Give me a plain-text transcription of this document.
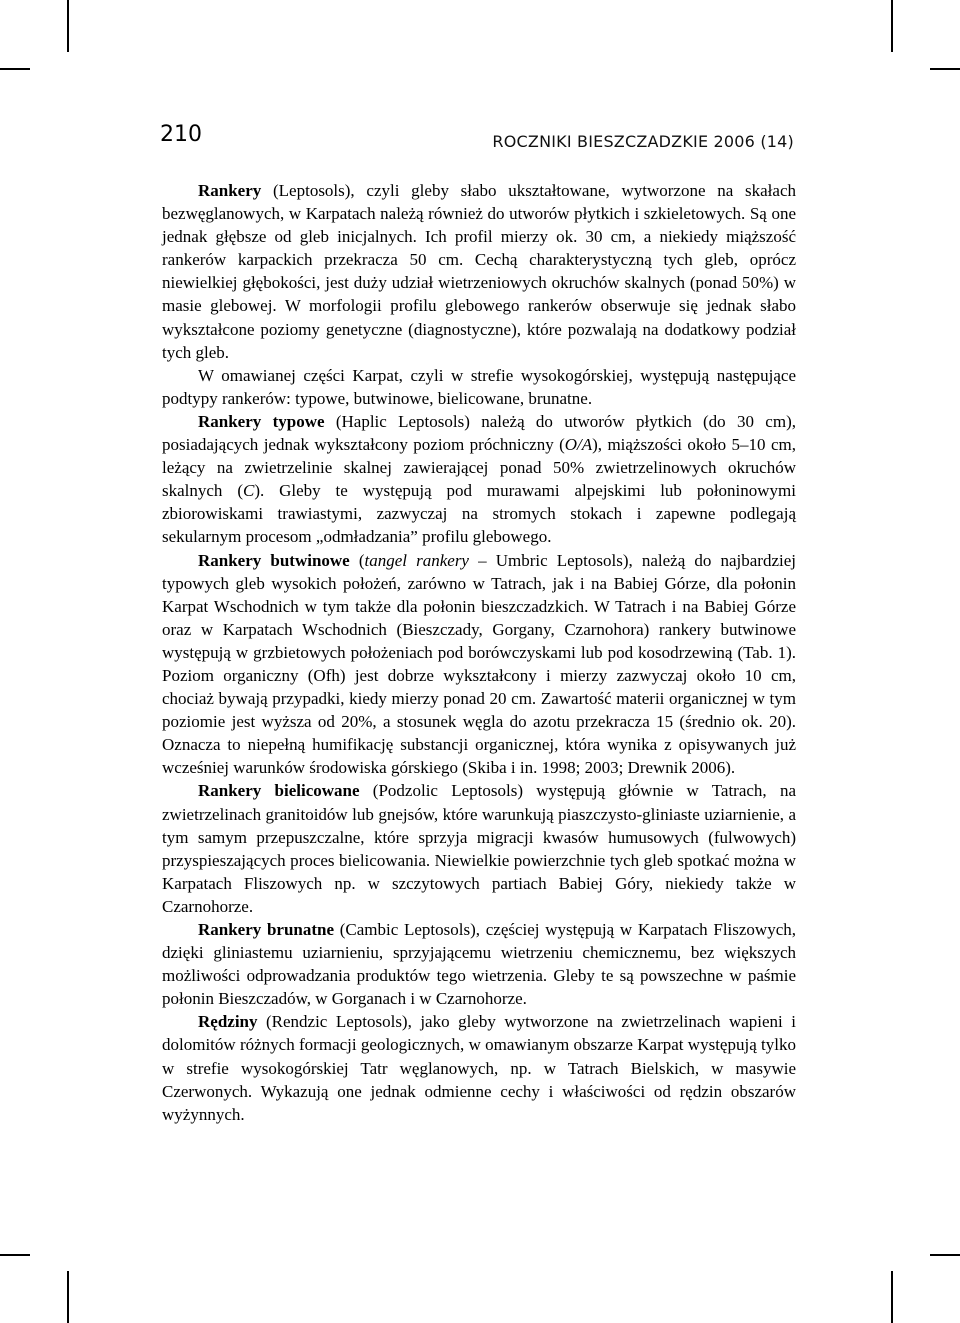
210	ROCZNIKI BIESZCZADZKIE 2006 (14)

Rankery (Leptosols), czyli gleby słabo ukształtowane, wytworzone na skałach bezwęglanowych, w Karpatach należą również do utworów płytkich i szkieletowych. Są one jednak głębsze od gleb inicjalnych. Ich profil mierzy ok. 30 cm, a niekiedy miąższość rankerów karpackich przekracza 50 cm. Cechą charakterystyczną tych gleb, oprócz niewielkiej głębokości, jest duży udział wietrzeniowych okruchów skalnych (ponad 50%) w masie glebowej. W morfologii profilu glebowego rankerów obserwuje się jednak słabo wykształcone poziomy genetyczne (diagnostyczne), które pozwalają na dodatkowy podział tych gleb.

W omawianej części Karpat, czyli w strefie wysokogórskiej, występują następujące podtypy rankerów: typowe, butwinowe, bielicowane, brunatne.

Rankery typowe (Haplic Leptosols) należą do utworów płytkich (do 30 cm), posiadających jednak wykształcony poziom próchniczny (O/A), miąższości około 5–10 cm, leżący na zwietrzelinie skalnej zawierającej ponad 50% zwietrzelinowych okruchów skalnych (C). Gleby te występują pod murawami alpejskimi lub połoninowymi zbiorowiskami trawiastymi, zazwyczaj na stromych stokach i zapewne podlegają sekularnym procesom „odmładzania” profilu glebowego.

Rankery butwinowe (tangel rankery – Umbric Leptosols), należą do najbardziej typowych gleb wysokich położeń, zarówno w Tatrach, jak i na Babiej Górze, dla połonin Karpat Wschodnich w tym także dla połonin bieszczadzkich. W Tatrach i na Babiej Górze oraz w Karpatach Wschodnich (Bieszczady, Gorgany, Czarnohora) rankery butwinowe występują w grzbietowych położeniach pod borówczyskami lub pod kosodrzewiną (Tab. 1). Poziom organiczny (Ofh) jest dobrze wykształcony i mierzy zazwyczaj około 10 cm, chociaż bywają przypadki, kiedy mierzy ponad 20 cm. Zawartość materii organicznej w tym poziomie jest wyższa od 20%, a stosunek węgla do azotu przekracza 15 (średnio ok. 20). Oznacza to niepełną humifikację substancji organicznej, która wynika z opisywanych już wcześniej warunków środowiska górskiego (Skiba i in. 1998; 2003; Drewnik 2006).

Rankery bielicowane (Podzolic Leptosols) występują głównie w Tatrach, na zwietrzelinach granitoidów lub gnejsów, które warunkują piaszczysto-gliniaste uziarnienie, a tym samym przepuszczalne, które sprzyja migracji kwasów humusowych (fulwowych) przyspieszających proces bielicowania. Niewielkie powierzchnie tych gleb spotkać można w Karpatach Fliszowych np. w szczytowych partiach Babiej Góry, niekiedy także w Czarnohorze.

Rankery brunatne (Cambic Leptosols), częściej występują w Karpatach Fliszowych, dzięki gliniastemu uziarnieniu, sprzyjającemu wietrzeniu chemicznemu, bez większych możliwości odprowadzania produktów tego wietrzenia. Gleby te są powszechne w paśmie połonin Bieszczadów, w Gorganach i w Czarnohorze.

Rędziny (Rendzic Leptosols), jako gleby wytworzone na zwietrzelinach wapieni i dolomitów różnych formacji geologicznych, w omawianym obszarze Karpat występują tylko w strefie wysokogórskiej Tatr węglanowych, np. w Tatrach Bielskich, w masywie Czerwonych. Wykazują one jednak odmienne cechy i właściwości od rędzin obszarów wyżynnych.
